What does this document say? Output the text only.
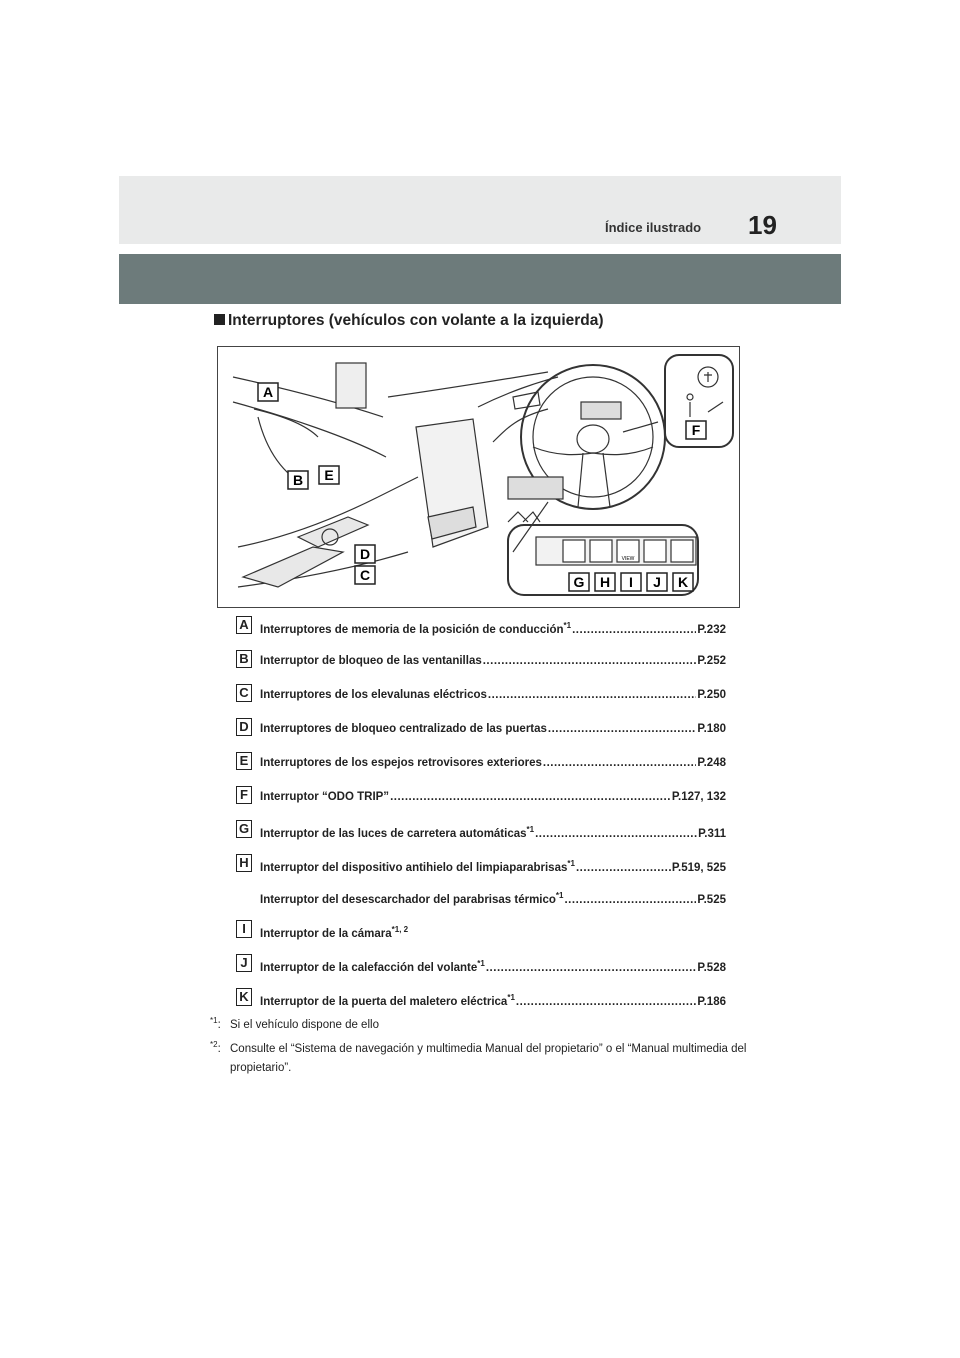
Índice ilustrado 19
Interruptores (vehículos con volante a la izquierda)
A
B
C
D
E
F
G H I J K
VIEW
A Interruptores de memoria de la posición de conducción$^{*1}$ .....	P.232
B Interruptor de bloqueo de las ventanillas .....	P.252
C Interruptores de los elevalunas eléctricos .....	P.250
D Interruptores de bloqueo centralizado de las puertas .....	P.180
E	Interruptores de los espejos retrovisores exteriores .....	P.248
F	Interruptor “ODO TRIP” .....	P.127, 132
G Interruptor de las luces de carretera automáticas$^{*1}$ .....	P.311
H Interruptor del dispositivo antihielo del limpiaparabrisas$^{*1}$ .....	P.519, 525
Interruptor del desescarchador del parabrisas térmico$^{*1}$ .....	P.525
I	Interruptor de la cámara$^{*1, 2}$
J	Interruptor de la calefacción del volante$^{*1}$ .....	P.528
K Interruptor de la puerta del maletero eléctrica$^{*1}$ .....	P.186
$^{*1}$: Si el vehículo dispone de ello
$^{*2}$: Consulte el “Sistema de navegación y multimedia Manual del propietario” o el “Manual multimedia del propietario”.
